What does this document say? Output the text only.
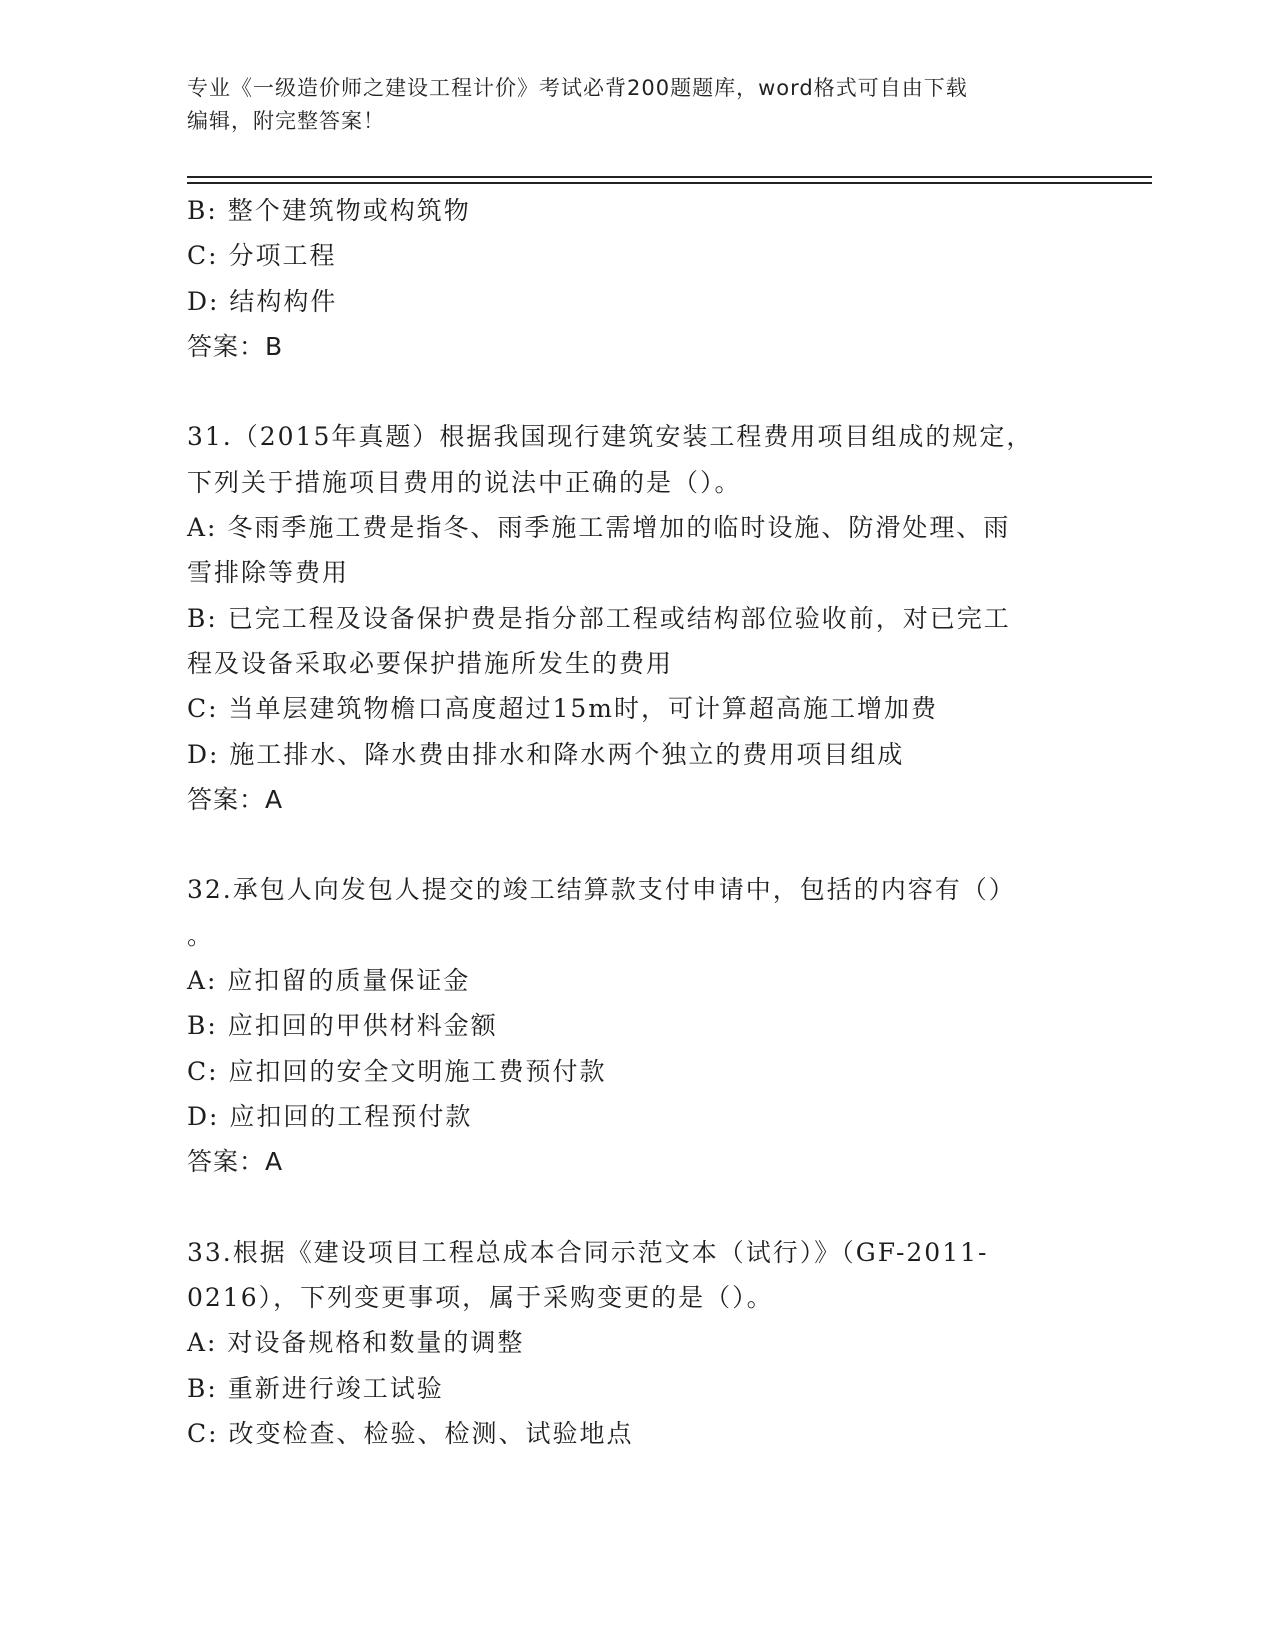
专业《一级造价师之建设工程计价》考试必背200题题库，word格式可自由下载
编辑，附完整答案！
B: 整个建筑物或构筑物
C: 分项工程
D: 结构构件
答案：B
31.（2015年真题）根据我国现行建筑安装工程费用项目组成的规定，
下列关于措施项目费用的说法中正确的是（）。
A: 冬雨季施工费是指冬、雨季施工需增加的临时设施、防滑处理、雨
雪排除等费用
B: 已完工程及设备保护费是指分部工程或结构部位验收前，对已完工
程及设备采取必要保护措施所发生的费用
C: 当单层建筑物檐口高度超过15m时，可计算超高施工增加费
D: 施工排水、降水费由排水和降水两个独立的费用项目组成
答案：A
32.承包人向发包人提交的竣工结算款支付申请中，包括的内容有（）
。
A: 应扣留的质量保证金
B: 应扣回的甲供材料金额
C: 应扣回的安全文明施工费预付款
D: 应扣回的工程预付款
答案：A
33.根据《建设项目工程总成本合同示范文本（试行）》（GF-2011-
0216），下列变更事项，属于采购变更的是（）。
A: 对设备规格和数量的调整
B: 重新进行竣工试验
C: 改变检查、检验、检测、试验地点
